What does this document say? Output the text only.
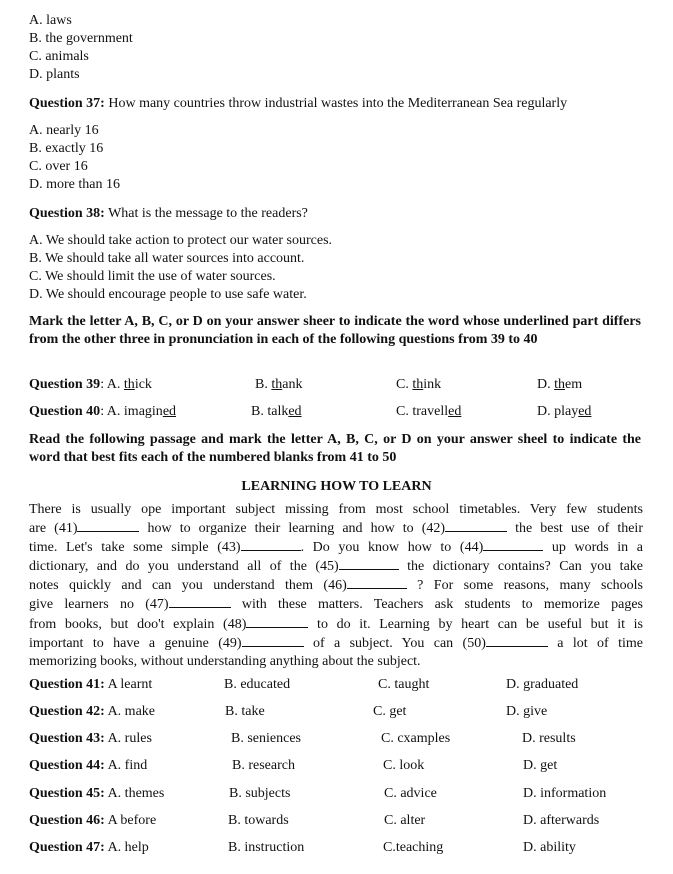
A. laws
B. the government
C. animals
D. plants
Question 37: How many countries throw industrial wastes into the Mediterranean Sea regularly
A. nearly 16
B. exactly 16
C. over 16
D. more than 16
Question 38: What is the message to the readers?
A. We should take action to protect our water sources.
B. We should take all water sources into account.
C. We should limit the use of water sources.
D. We should encourage people to use safe water.
Mark the letter A, B, C, or D on your answer sheer to indicate the word whose underlined part differs from the other three in pronunciation in each of the following questions from 39 to 40
Question 39: A. thick	B. thank	C. think	D. them
Question 40: A. imagined	B. talked	C. travelled	D. played
Read the following passage and mark the letter A, B, C, or D on your answer sheel to indicate the word that best fits each of the numbered blanks from 41 to 50
LEARNING HOW TO LEARN
There is usually ope important subject missing from most school timetables. Very few students
are (41)	how to organize their learning and how to (42)	the best use of their
time. Let's take some simple (43)	. Do you know how to (44)	up words in a
dictionary, and do you understand all of the (45)	the dictionary contains? Can you take
notes quickly and can you understand them (46)	? For some reasons, many schools
give learners no (47)	with these matters. Teachers ask students to memorize pages
from books, but doo't explain (48)	to do it. Learning by heart can be useful but it is
important to have a genuine (49)	of a subject. You can (50)	a lot of time
memorizing books, without understanding anything about the subject.
Question 41: A learnt	B. educated	C. taught	D. graduated
Question 42: A. make	B. take	C. get	D. give
Question 43: A. rules	B. seniences	C. cxamples	D. results
Question 44: A. find	B. research	C. look	D. get
Question 45: A. themes	B. subjects	C. advice	D. information
Question 46: A before	B. towards	C. alter	D. afterwards
Question 47: A. help	B. instruction	C.teaching	D. ability
